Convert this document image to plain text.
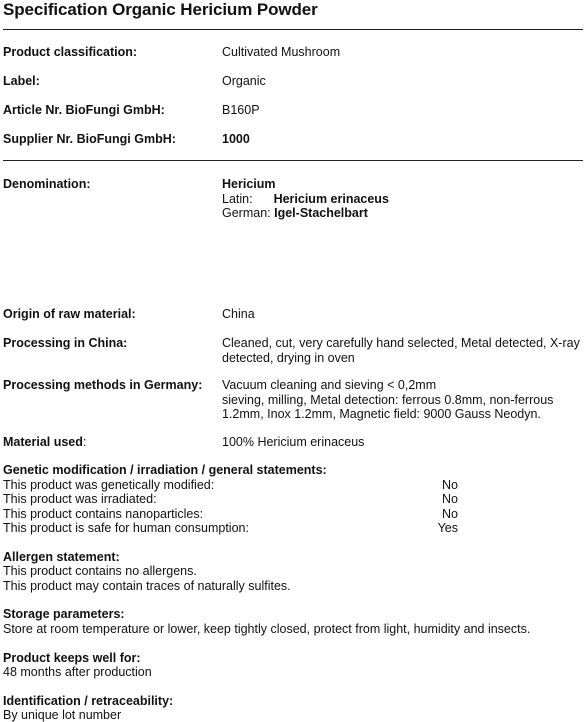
Specification Organic Hericium Powder
Product classification:	Cultivated Mushroom
Label:	Organic
Article Nr. BioFungi GmbH:	B160P
Supplier Nr. BioFungi GmbH:	1000
Denomination:	Hericium
Latin: Hericium erinaceus
German: Igel-Stachelbart
Origin of raw material:	China
Processing in China:	Cleaned, cut, very carefully hand selected, Metal detected, X-ray
detected, drying in oven
Processing methods in Germany: Vacuum cleaning and sieving < 0,2mm
sieving, milling, Metal detection: ferrous 0.8mm, non-ferrous
1.2mm, Inox 1.2mm, Magnetic field: 9000 Gauss Neodyn.
Material used:	100% Hericium erinaceus
Genetic modification / irradiation / general statements:
This product was genetically modified:	No
This product was irradiated:	No
This product contains nanoparticles:	No
This product is safe for human consumption:	Yes
Allergen statement:
This product contains no allergens.
This product may contain traces of naturally sulfites.
Storage parameters:
Store at room temperature or lower, keep tightly closed, protect from light, humidity and insects.
Product keeps well for:
48 months after production
Identification / retraceability:
By unique lot number
